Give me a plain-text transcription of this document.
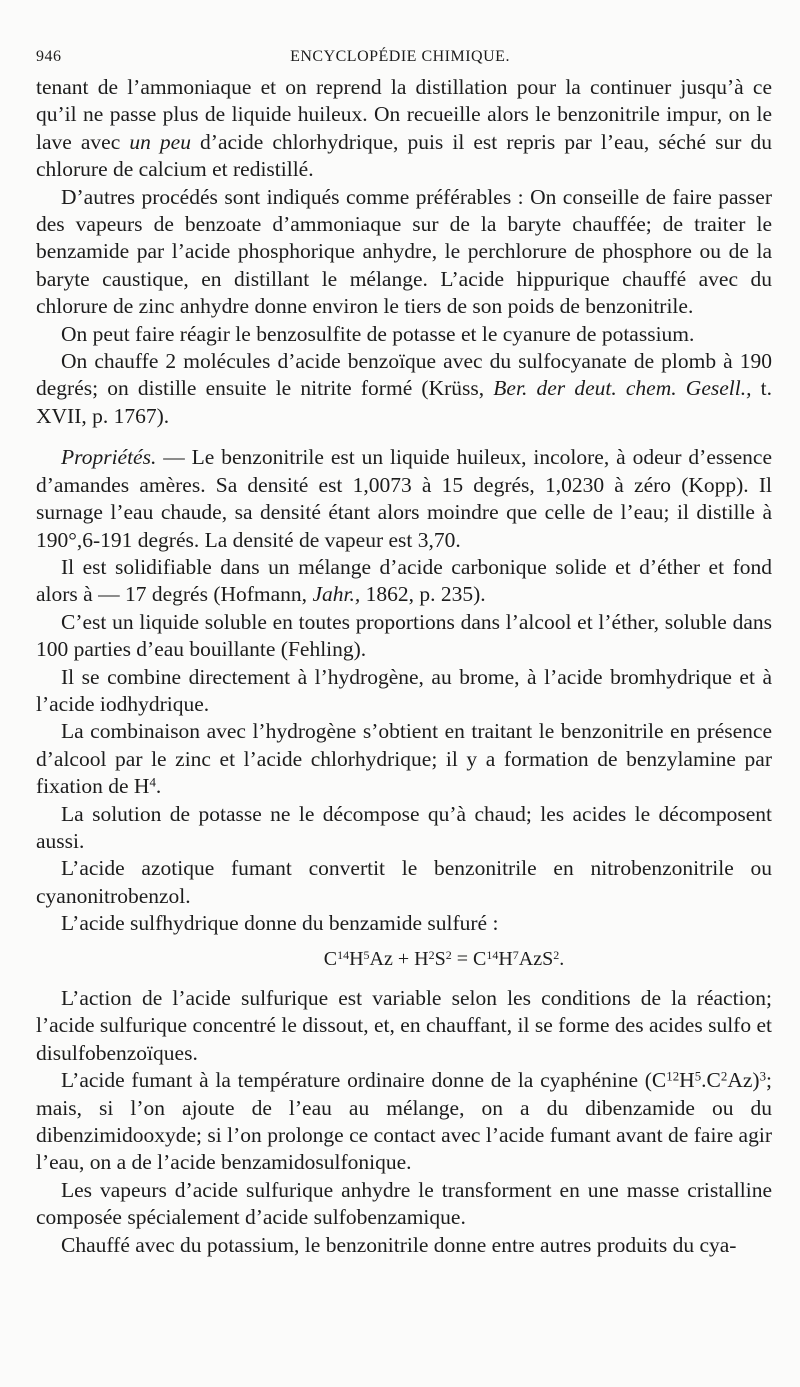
946	ENCYCLOPÉDIE CHIMIQUE.

tenant de l’ammoniaque et on reprend la distillation pour la continuer jusqu’à ce qu’il ne passe plus de liquide huileux. On recueille alors le benzonitrile impur, on le lave avec un peu d’acide chlorhydrique, puis il est repris par l’eau, séché sur du chlorure de calcium et redistillé.

D’autres procédés sont indiqués comme préférables : On conseille de faire passer des vapeurs de benzoate d’ammoniaque sur de la baryte chauffée; de traiter le benzamide par l’acide phosphorique anhydre, le perchlorure de phosphore ou de la baryte caustique, en distillant le mélange. L’acide hippurique chauffé avec du chlorure de zinc anhydre donne environ le tiers de son poids de benzonitrile.

On peut faire réagir le benzosulfite de potasse et le cyanure de potassium.

On chauffe 2 molécules d’acide benzoïque avec du sulfocyanate de plomb à 190 degrés; on distille ensuite le nitrite formé (Krüss, Ber. der deut. chem. Gesell., t. XVII, p. 1767).

Propriétés. — Le benzonitrile est un liquide huileux, incolore, à odeur d’essence d’amandes amères. Sa densité est 1,0073 à 15 degrés, 1,0230 à zéro (Kopp). Il surnage l’eau chaude, sa densité étant alors moindre que celle de l’eau; il distille à 190°,6-191 degrés. La densité de vapeur est 3,70.

Il est solidifiable dans un mélange d’acide carbonique solide et d’éther et fond alors à — 17 degrés (Hofmann, Jahr., 1862, p. 235).

C’est un liquide soluble en toutes proportions dans l’alcool et l’éther, soluble dans 100 parties d’eau bouillante (Fehling).

Il se combine directement à l’hydrogène, au brome, à l’acide bromhydrique et à l’acide iodhydrique.

La combinaison avec l’hydrogène s’obtient en traitant le benzonitrile en présence d’alcool par le zinc et l’acide chlorhydrique; il y a formation de benzylamine par fixation de $H^4$.

La solution de potasse ne le décompose qu’à chaud; les acides le décomposent aussi.

L’acide azotique fumant convertit le benzonitrile en nitrobenzonitrile ou cyanonitrobenzol.

L’acide sulfhydrique donne du benzamide sulfuré :

$C^{14}H^5Az + H^2S^2 = C^{14}H^7AzS^2$.

L’action de l’acide sulfurique est variable selon les conditions de la réaction; l’acide sulfurique concentré le dissout, et, en chauffant, il se forme des acides sulfo et disulfobenzoïques.

L’acide fumant à la température ordinaire donne de la cyaphénine $(C^{12}H^5.C^2Az)^3$; mais, si l’on ajoute de l’eau au mélange, on a du dibenzamide ou du dibenzimidooxyde; si l’on prolonge ce contact avec l’acide fumant avant de faire agir l’eau, on a de l’acide benzamidosulfonique.

Les vapeurs d’acide sulfurique anhydre le transforment en une masse cristalline composée spécialement d’acide sulfobenzamique.

Chauffé avec du potassium, le benzonitrile donne entre autres produits du cya-
